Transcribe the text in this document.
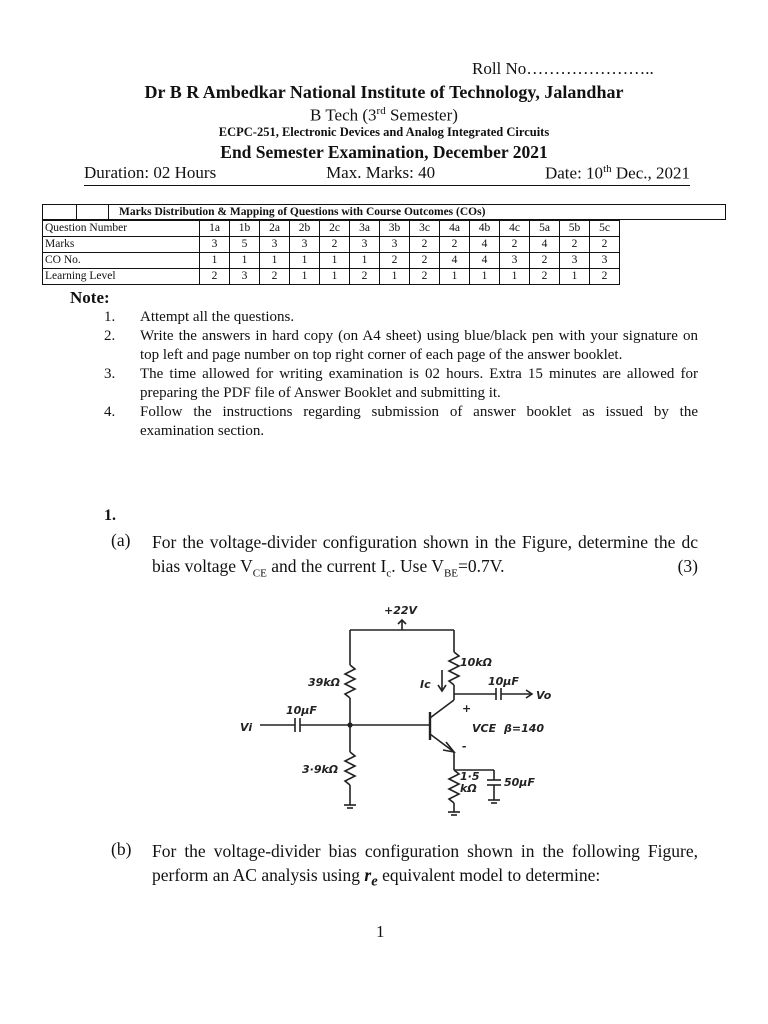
Roll No…………………..
Dr B R Ambedkar National Institute of Technology, Jalandhar
B Tech (3rd Semester)
ECPC-251, Electronic Devices and Analog Integrated Circuits
End Semester Examination, December 2021
Duration: 02 Hours	Max. Marks: 40	Date: 10th Dec., 2021
Marks Distribution & Mapping of Questions with Course Outcomes (COs)
Question Number	1a	1b	2a	2b	2c	3a	3b	3c	4a	4b	4c	5a	5b	5c
Marks	3	5	3	3	2	3	3	2	2	4	2	4	2	2
CO No.	1	1	1	1	1	1	2	2	4	4	3	2	3	3
Learning Level	2	3	2	1	1	2	1	2	1	1	1	2	1	2
Note:
1. Attempt all the questions.
2. Write the answers in hard copy (on A4 sheet) using blue/black pen with your signature on top left and page number on top right corner of each page of the answer booklet.
3. The time allowed for writing examination is 02 hours. Extra 15 minutes are allowed for preparing the PDF file of Answer Booklet and submitting it.
4. Follow the instructions regarding submission of answer booklet as issued by the examination section.
1.
(a) For the voltage-divider configuration shown in the Figure, determine the dc bias voltage $V_{CE}$ and the current $I_c$. Use $V_{BE}=0.7V$.	(3)
+22V
39kΩ
3·9kΩ
10kΩ
1·5
kΩ
10μF
10μF
50μF
Ic
+
-
VCE β=140
Vi
Vo
(b) For the voltage-divider bias configuration shown in the following Figure, perform an AC analysis using $r_e$ equivalent model to determine:
1
